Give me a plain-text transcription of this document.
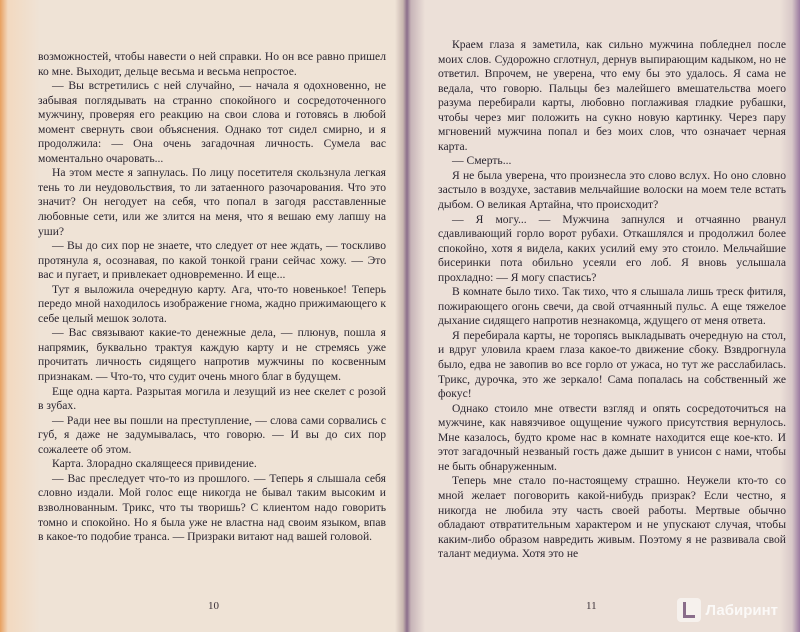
возможностей, чтобы навести о ней справки. Но он все равно пришел ко мне. Выходит, дельце весьма и весьма непростое.

— Вы встретились с ней случайно, — начала я одохновенно, не забывая поглядывать на странно спокойного и сосредоточенного мужчину, проверяя его реакцию на свои слова и готовясь в любой момент свернуть свои объяснения. Однако тот сидел смирно, и я продолжила: — Она очень загадочная личность. Сумела вас моментально очаровать...

На этом месте я запнулась. По лицу посетителя скользнула легкая тень то ли неудовольствия, то ли затаенного разочарования. Что это значит? Он негодует на себя, что попал в загодя расставленные любовные сети, или же злится на меня, что я вешаю ему лапшу на уши?

— Вы до сих пор не знаете, что следует от нее ждать, — тоскливо протянула я, осознавая, по какой тонкой грани сейчас хожу. — Это вас и пугает, и привлекает одновременно. И еще...

Тут я выложила очередную карту. Ага, что-то новенькое! Теперь передо мной находилось изображение гнома, жадно прижимающего к себе целый мешок золота.

— Вас связывают какие-то денежные дела, — плюнув, пошла я напрямик, буквально трактуя каждую карту и не стремясь уже прочитать личность сидящего напротив мужчины по косвенным признакам. — Что-то, что судит очень много благ в будущем.

Еще одна карта. Разрытая могила и лезущий из нее скелет с розой в зубах.

— Ради нее вы пошли на преступление, — слова сами сорвались с губ, я даже не задумывалась, что говорю. — И вы до сих пор сожалеете об этом.

Карта. Злорадно скалящееся привидение.

— Вас преследует что-то из прошлого. — Теперь я слышала себя словно издали. Мой голос еще никогда не бывал таким высоким и взволнованным. Трикс, что ты творишь? С клиентом надо говорить томно и спокойно. Но я была уже не властна над своим языком, впав в какое-то подобие транса. — Призраки витают над вашей головой.

10

Краем глаза я заметила, как сильно мужчина побледнел после моих слов. Судорожно сглотнул, дернув выпирающим кадыком, но не ответил. Впрочем, не уверена, что ему бы это удалось. Я сама не ведала, что говорю. Пальцы без малейшего вмешательства моего разума перебирали карты, любовно поглаживая гладкие рубашки, чтобы через миг положить на сукно новую картинку. Через пару мгновений мужчина попал и без моих слов, что означает черная карта.

— Смерть...

Я не была уверена, что произнесла это слово вслух. Но оно словно застыло в воздухе, заставив мельчайшие волоски на моем теле встать дыбом. О великая Артайна, что происходит?

— Я могу... — Мужчина запнулся и отчаянно рванул сдавливающий горло ворот рубахи. Откашлялся и продолжил более спокойно, хотя я видела, каких усилий ему это стоило. Мельчайшие бисеринки пота обильно усеяли его лоб. Я вновь услышала прохладно: — Я могу спастись?

В комнате было тихо. Так тихо, что я слышала лишь треск фитиля, пожирающего огонь свечи, да свой отчаянный пульс. А еще тяжелое дыхание сидящего напротив незнакомца, ждущего от меня ответа.

Я перебирала карты, не торопясь выкладывать очередную на стол, и вдруг уловила краем глаза какое-то движение сбоку. Взвдрогнула было, едва не завопив во все горло от ужаса, но тут же расслабилась. Трикс, дурочка, это же зеркало! Сама попалась на собственный же фокус!

Однако стоило мне отвести взгляд и опять сосредоточиться на мужчине, как навязчивое ощущение чужого присутствия вернулось. Мне казалось, будто кроме нас в комнате находится еще кое-кто. И этот загадочный незваный гость даже дышит в унисон с нами, чтобы не быть обнаруженным.

Теперь мне стало по-настоящему страшно. Неужели кто-то со мной желает поговорить какой-нибудь призрак? Если честно, я никогда не любила эту часть своей работы. Мертвые обычно обладают отвратительным характером и не упускают случая, чтобы каким-либо образом навредить живым. Поэтому я не развивала свой талант медиума. Хотя это не

11	Лабиринт
